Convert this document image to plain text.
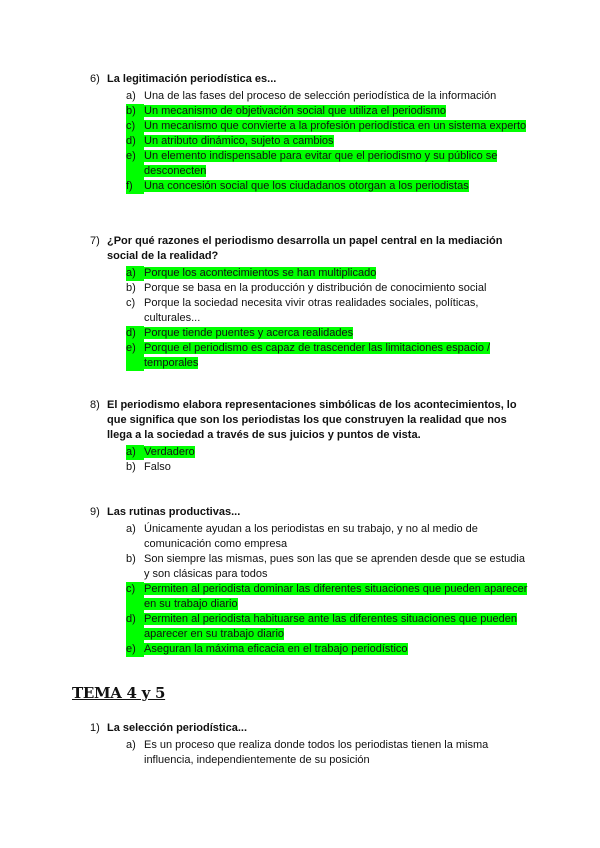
6) La legitimación periodística es...
a) Una de las fases del proceso de selección periodística de la información
b) Un mecanismo de objetivación social que utiliza el periodismo
c) Un mecanismo que convierte a la profesión periodística en un sistema experto
d) Un atributo dinámico, sujeto a cambios
e) Un elemento indispensable para evitar que el periodismo y su público se desconecten
f)	Una concesión social que los ciudadanos otorgan a los periodistas
7) ¿Por qué razones el periodismo desarrolla un papel central en la mediación social de la realidad?
a) Porque los acontecimientos se han multiplicado
b) Porque se basa en la producción y distribución de conocimiento social
c) Porque la sociedad necesita vivir otras realidades sociales, políticas, culturales...
d) Porque tiende puentes y acerca realidades
e) Porque el periodismo es capaz de trascender las limitaciones espacio / temporales
8) El periodismo elabora representaciones simbólicas de los acontecimientos, lo que significa que son los periodistas los que construyen la realidad que nos llega a la sociedad a través de sus juicios y puntos de vista.
a) Verdadero
b) Falso
9) Las rutinas productivas...
a) Únicamente ayudan a los periodistas en su trabajo, y no al medio de comunicación como empresa
b) Son siempre las mismas, pues son las que se aprenden desde que se estudia y son clásicas para todos
c) Permiten al periodista dominar las diferentes situaciones que pueden aparecer en su trabajo diario
d) Permiten al periodista habituarse ante las diferentes situaciones que pueden aparecer en su trabajo diario
e) Aseguran la máxima eficacia en el trabajo periodístico
TEMA 4 y 5
1) La selección periodística...
a) Es un proceso que realiza donde todos los periodistas tienen la misma influencia, independientemente de su posición
